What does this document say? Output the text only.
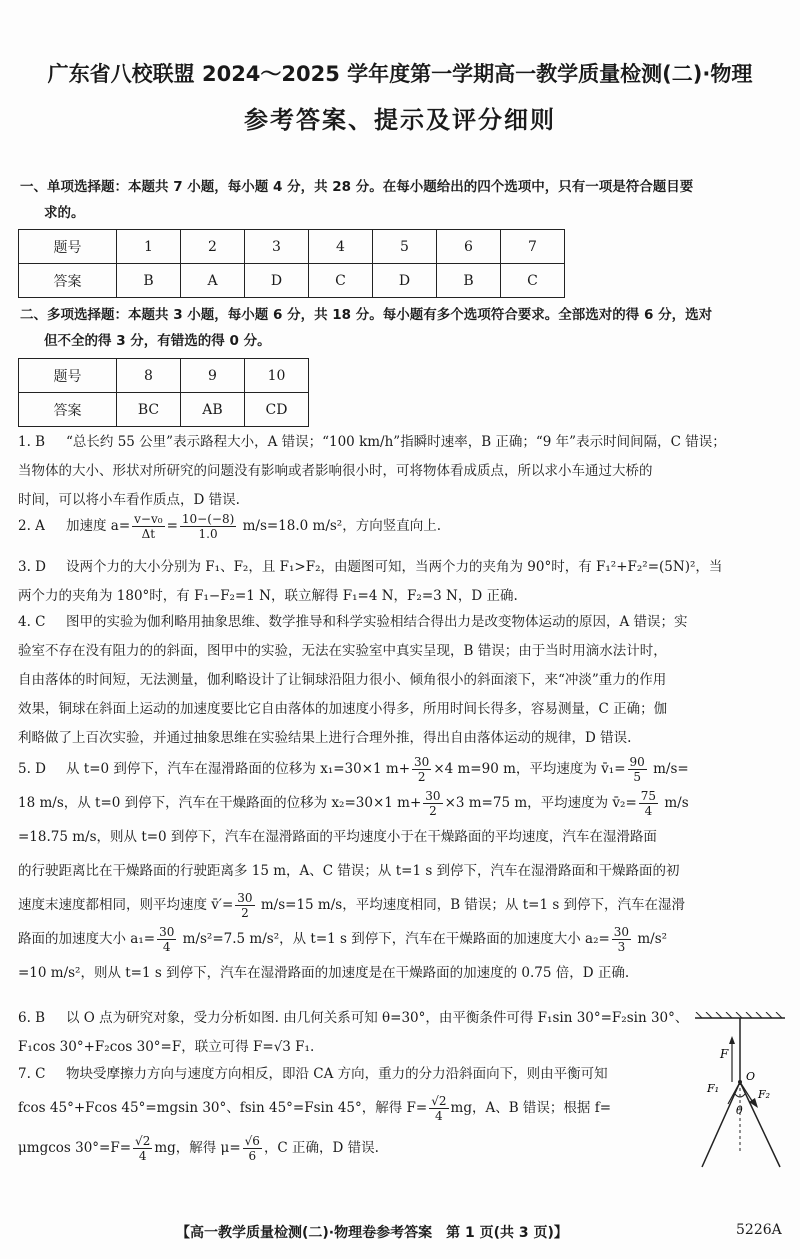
广东省八校联盟 2024～2025 学年度第一学期高一教学质量检测(二)·物理
参考答案、提示及评分细则
一、单项选择题：本题共 7 小题，每小题 4 分，共 28 分。在每小题给出的四个选项中，只有一项是符合题目要
求的。
题号	1	2	3	4	5	6	7
答案	B	A	D	C	D	B	C
二、多项选择题：本题共 3 小题，每小题 6 分，共 18 分。每小题有多个选项符合要求。全部选对的得 6 分，选对
但不全的得 3 分，有错选的得 0 分。
题号	8	9	10
答案	BC	AB	CD

1. B “总长约 55 公里”表示路程大小，A 错误；“100 km/h”指瞬时速率，B 正确；“9 年”表示时间间隔，C 错误；

当物体的大小、形状对所研究的问题没有影响或者影响很小时，可将物体看成质点，所以求小车通过大桥的

时间，可以将小车看作质点，D 错误.

2. A 加速度 $a= \frac{\text{v−v₀}}{\Delta t} = \frac{10-(-8)}{1.0} m/s=18.0$ m/s²，方向竖直向上.

3. D 设两个力的大小分别为 F₁、F₂，且 F₁>F₂，由题图可知，当两个力的夹角为 90°时，有 F₁²+F₂²=(5N)²，当

两个力的夹角为 180°时，有 F₁−F₂=1 N，联立解得 F₁=4 N，F₂=3 N，D 正确.

4. C 图甲的实验为伽利略用抽象思维、数学推导和科学实验相结合得出力是改变物体运动的原因，A 错误；实

验室不存在没有阻力的的斜面，图甲中的实验，无法在实验室中真实呈现，B 错误；由于当时用滴水法计时，

自由落体的时间短，无法测量，伽利略设计了让铜球沿阻力很小、倾角很小的斜面滚下，来“冲淡”重力的作用

效果，铜球在斜面上运动的加速度要比它自由落体的加速度小得多，所用时间长得多，容易测量，C 正确；伽

利略做了上百次实验，并通过抽象思维在实验结果上进行合理外推，得出自由落体运动的规律，D 错误.

5. D 从 t=0 到停下，汽车在湿滑路面的位移为 x₁=30×1 $m+ \frac{30}{2} \times 4$ m=90 m，平均速度为 v̄₁= $\frac{90}{5} m/s=$

18 m/s，从 t=0 到停下，汽车在干燥路面的位移为 x₂=30×1 $m+ \frac{30}{2} \times 3$ m=75 m，平均速度为 v̄₂= $\frac{75}{4} m/s$

=18.75 m/s，则从 t=0 到停下，汽车在湿滑路面的平均速度小于在干燥路面的平均速度，汽车在湿滑路面

的行驶距离比在干燥路面的行驶距离多 15 m，A、C 错误；从 t=1 s 到停下，汽车在湿滑路面和干燥路面的初

速度末速度都相同，则平均速度 v̄′= $\frac{30}{2} m/s=15$ m/s，平均速度相同，B 错误；从 t=1 s 到停下，汽车在湿滑

路面的加速度大小 $a_1= \frac{30}{4} m/s^2=7.5$ m/s²，从 t=1 s 到停下，汽车在干燥路面的加速度大小 $a_2= \frac{30}{3} m/s^2$

=10 m/s²，则从 t=1 s 到停下，汽车在湿滑路面的加速度是在干燥路面的加速度的 0.75 倍，D 正确.

6. B 以 O 点为研究对象，受力分析如图. 由几何关系可知 θ=30°，由平衡条件可得 F₁sin 30°=F₂sin 30°、

F₁cos 30°+F₂cos 30°=F，联立可得 F=√3 F₁.

7. C 物块受摩擦力方向与速度方向相反，即沿 CA 方向，重力的分力沿斜面向下，则由平衡可知

fcos 45°+Fcos 45°=mgsin 30°、fsin 45°=Fsin 45°，解得 $F= \frac{√2}{4}$ mg，A、B 错误；根据 f=

μmgcos $30^\circ=F= \frac{√2}{4}$ mg，解得 $\mu= \frac{√6}{6}$ ，C 正确，D 错误.

F
F₁
O
F₂
θ
【高一教学质量检测(二)·物理卷参考答案　第 1 页(共 3 页)】	5226A
